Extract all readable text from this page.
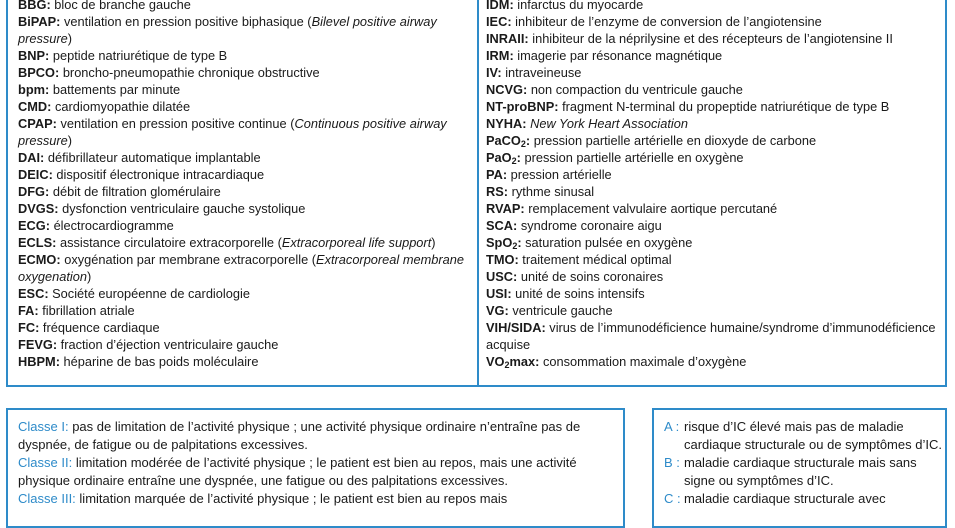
BBG: bloc de branche gauche

BiPAP: ventilation en pression positive biphasique (Bilevel positive airway pressure)

BNP: peptide natriurétique de type B

BPCO: broncho-pneumopathie chronique obstructive

bpm: battements par minute

CMD: cardiomyopathie dilatée

CPAP: ventilation en pression positive continue (Continuous positive airway pressure)

DAI: défibrillateur automatique implantable

DEIC: dispositif électronique intracardiaque

DFG: débit de filtration glomérulaire

DVGS: dysfonction ventriculaire gauche systolique

ECG: électrocardiogramme

ECLS: assistance circulatoire extracorporelle (Extracorporeal life support)

ECMO: oxygénation par membrane extracorporelle (Extracorporeal membrane oxygenation)

ESC: Société européenne de cardiologie

FA: fibrillation atriale

FC: fréquence cardiaque

FEVG: fraction d’éjection ventriculaire gauche

HBPM: héparine de bas poids moléculaire

IDM: infarctus du myocarde

IEC: inhibiteur de l’enzyme de conversion de l’angiotensine

INRAII: inhibiteur de la néprilysine et des récepteurs de l’angiotensine II

IRM: imagerie par résonance magnétique

IV: intraveineuse

NCVG: non compaction du ventricule gauche

NT-proBNP: fragment N-terminal du propeptide natriurétique de type B

NYHA: New York Heart Association

PaCO$_2$: pression partielle artérielle en dioxyde de carbone

PaO$_2$: pression partielle artérielle en oxygène

PA: pression artérielle

RS: rythme sinusal

RVAP: remplacement valvulaire aortique percutané

SCA: syndrome coronaire aigu

SpO$_2$: saturation pulsée en oxygène

TMO: traitement médical optimal

USC: unité de soins coronaires

USI: unité de soins intensifs

VG: ventricule gauche

VIH/SIDA: virus de l’immunodéficience humaine/syndrome d’immunodéficience acquise

$VO_2\max$: consommation maximale d’oxygène

Classe I: pas de limitation de l’activité physique ; une activité physique ordinaire n’entraîne pas de dyspnée, de fatigue ou de palpitations excessives.
Classe II: limitation modérée de l’activité physique ; le patient est bien au repos, mais une activité physique ordinaire entraîne une dyspnée, une fatigue ou des palpitations excessives.
Classe III: limitation marquée de l’activité physique ; le patient est bien au repos mais
A : risque d’IC élevé mais pas de maladie cardiaque structurale ou de symptômes d’IC.
B : maladie cardiaque structurale mais sans signe ou symptômes d’IC.
C : maladie cardiaque structurale avec
